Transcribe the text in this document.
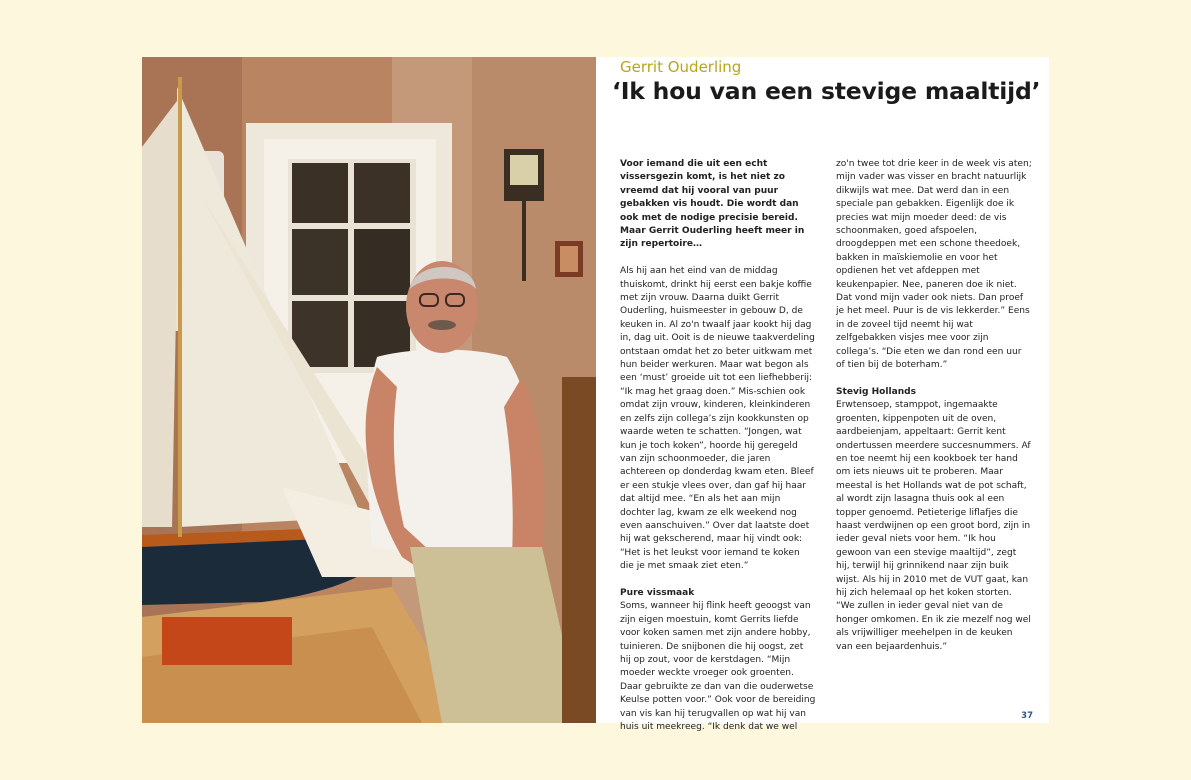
Gerrit Ouderling
‘Ik hou van een stevige maaltijd’

Voor iemand die uit een echt vissersgezin komt, is het niet zo vreemd dat hij vooral van puur gebakken vis houdt. Die wordt dan ook met de nodige precisie bereid. Maar Gerrit Ouderling heeft meer in zijn repertoire…

Als hij aan het eind van de middag thuiskomt, drinkt hij eerst een bakje koffie met zijn vrouw. Daarna duikt Gerrit Ouderling, huismeester in gebouw D, de keuken in. Al zo'n twaalf jaar kookt hij dag in, dag uit. Ooit is de nieuwe taakverdeling ontstaan omdat het zo beter uitkwam met hun beider werkuren. Maar wat begon als een ‘must’ groeide uit tot een liefhebberij: “Ik mag het graag doen.” Mis-schien ook omdat zijn vrouw, kinderen, kleinkinderen en zelfs zijn collega’s zijn kookkunsten op waarde weten te schatten. “Jongen, wat kun je toch koken”, hoorde hij geregeld van zijn schoonmoeder, die jaren achtereen op donderdag kwam eten. Bleef er een stukje vlees over, dan gaf hij haar dat altijd mee. “En als het aan mijn dochter lag, kwam ze elk weekend nog even aanschuiven.” Over dat laatste doet hij wat gekscherend, maar hij vindt ook: “Het is het leukst voor iemand te koken die je met smaak ziet eten.”

Pure vissmaak

Soms, wanneer hij flink heeft geoogst van zijn eigen moestuin, komt Gerrits liefde voor koken samen met zijn andere hobby, tuinieren. De snijbonen die hij oogst, zet hij op zout, voor de kerstdagen. “Mijn moeder weckte vroeger ook groenten. Daar gebruikte ze dan van die ouderwetse Keulse potten voor.” Ook voor de bereiding van vis kan hij terugvallen op wat hij van huis uit meekreeg. “Ik denk dat we wel

zo'n twee tot drie keer in de week vis aten; mijn vader was visser en bracht natuurlijk dikwijls wat mee. Dat werd dan in een speciale pan gebakken. Eigenlijk doe ik precies wat mijn moeder deed: de vis schoonmaken, goed afspoelen, droogdeppen met een schone theedoek, bakken in maïskiemolie en voor het opdienen het vet afdeppen met keukenpapier. Nee, paneren doe ik niet. Dat vond mijn vader ook niets. Dan proef je het meel. Puur is de vis lekkerder.” Eens in de zoveel tijd neemt hij wat zelfgebakken visjes mee voor zijn collega’s. “Die eten we dan rond een uur of tien bij de boterham.”

Stevig Hollands

Erwtensoep, stamppot, ingemaakte groenten, kippenpoten uit de oven, aardbeienjam, appeltaart: Gerrit kent ondertussen meerdere succesnummers. Af en toe neemt hij een kookboek ter hand om iets nieuws uit te proberen. Maar meestal is het Hollands wat de pot schaft, al wordt zijn lasagna thuis ook al een topper genoemd. Petieterige liflafjes die haast verdwijnen op een groot bord, zijn in ieder geval niets voor hem. “Ik hou gewoon van een stevige maaltijd”, zegt hij, terwijl hij grinnikend naar zijn buik wijst. Als hij in 2010 met de VUT gaat, kan hij zich helemaal op het koken storten. “We zullen in ieder geval niet van de honger omkomen. En ik zie mezelf nog wel als vrijwilliger meehelpen in de keuken van een bejaardenhuis.”

37
